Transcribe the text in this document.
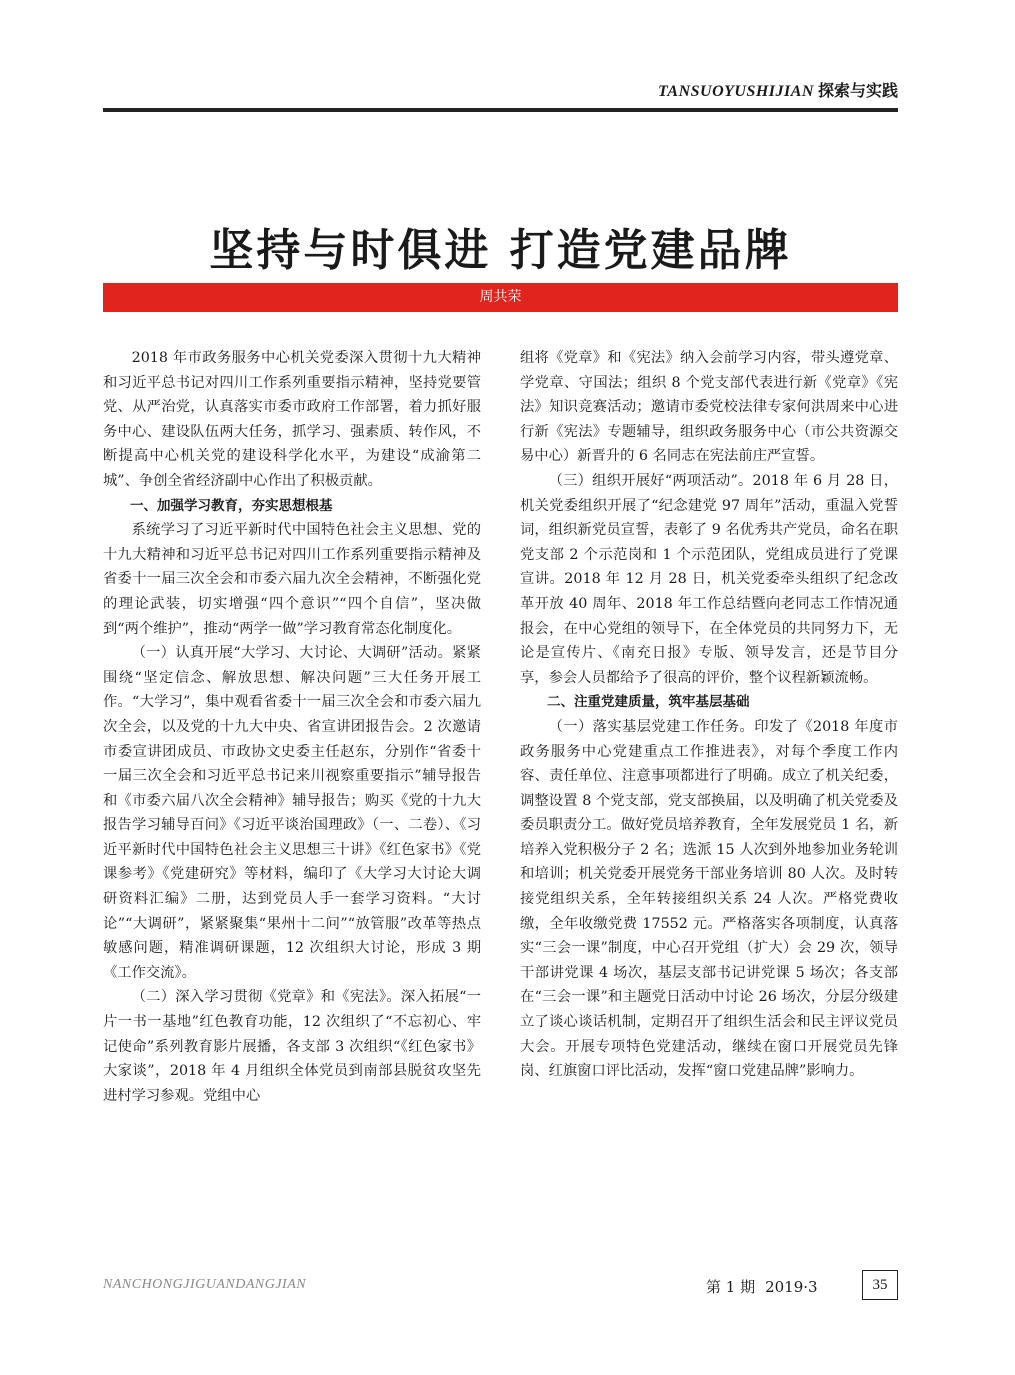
TANSUOYUSHIJIAN 探索与实践
坚持与时俱进 打造党建品牌
周共荣

2018 年市政务服务中心机关党委深入贯彻十九大精神和习近平总书记对四川工作系列重要指示精神，坚持党要管党、从严治党，认真落实市委市政府工作部署，着力抓好服务中心、建设队伍两大任务，抓学习、强素质、转作风，不断提高中心机关党的建设科学化水平，为建设“成渝第二城”、争创全省经济副中心作出了积极贡献。

一、加强学习教育，夯实思想根基

系统学习了习近平新时代中国特色社会主义思想、党的十九大精神和习近平总书记对四川工作系列重要指示精神及省委十一届三次全会和市委六届九次全会精神，不断强化党的理论武装，切实增强“四个意识”“四个自信”，坚决做到“两个维护”，推动“两学一做”学习教育常态化制度化。

（一）认真开展“大学习、大讨论、大调研”活动。紧紧围绕“坚定信念、解放思想、解决问题”三大任务开展工作。“大学习”，集中观看省委十一届三次全会和市委六届九次全会，以及党的十九大中央、省宣讲团报告会。2 次邀请市委宣讲团成员、市政协文史委主任赵东，分别作“省委十一届三次全会和习近平总书记来川视察重要指示”辅导报告和《市委六届八次全会精神》辅导报告；购买《党的十九大报告学习辅导百问》《习近平谈治国理政》（一、二卷）、《习近平新时代中国特色社会主义思想三十讲》《红色家书》《党课参考》《党建研究》等材料，编印了《大学习大讨论大调研资料汇编》二册，达到党员人手一套学习资料。“大讨论”“大调研”，紧紧聚集“果州十二问”“放管服”改革等热点敏感问题，精准调研课题，12 次组织大讨论，形成 3 期《工作交流》。

（二）深入学习贯彻《党章》和《宪法》。深入拓展“一片一书一基地”红色教育功能，12 次组织了“不忘初心、牢记使命”系列教育影片展播，各支部 3 次组织“《红色家书》大家谈”，2018 年 4 月组织全体党员到南部县脱贫攻坚先进村学习参观。党组中心

组将《党章》和《宪法》纳入会前学习内容，带头遵党章、学党章、守国法；组织 8 个党支部代表进行新《党章》《宪法》知识竞赛活动；邀请市委党校法律专家何洪周来中心进行新《宪法》专题辅导，组织政务服务中心（市公共资源交易中心）新晋升的 6 名同志在宪法前庄严宣誓。

（三）组织开展好“两项活动”。2018 年 6 月 28 日，机关党委组织开展了“纪念建党 97 周年”活动，重温入党誓词，组织新党员宣誓，表彰了 9 名优秀共产党员，命名在职党支部 2 个示范岗和 1 个示范团队，党组成员进行了党课宣讲。2018 年 12 月 28 日，机关党委牵头组织了纪念改革开放 40 周年、2018 年工作总结暨向老同志工作情况通报会，在中心党组的领导下，在全体党员的共同努力下，无论是宣传片、《南充日报》专版、领导发言，还是节目分享，参会人员都给予了很高的评价，整个议程新颖流畅。

二、注重党建质量，筑牢基层基础

（一）落实基层党建工作任务。印发了《2018 年度市政务服务中心党建重点工作推进表》，对每个季度工作内容、责任单位、注意事项都进行了明确。成立了机关纪委，调整设置 8 个党支部，党支部换届，以及明确了机关党委及委员职责分工。做好党员培养教育，全年发展党员 1 名，新培养入党积极分子 2 名；选派 15 人次到外地参加业务轮训和培训；机关党委开展党务干部业务培训 80 人次。及时转接党组织关系，全年转接组织关系 24 人次。严格党费收缴，全年收缴党费 17552 元。严格落实各项制度，认真落实“三会一课”制度，中心召开党组（扩大）会 29 次，领导干部讲党课 4 场次，基层支部书记讲党课 5 场次；各支部在“三会一课”和主题党日活动中讨论 26 场次，分层分级建立了谈心谈话机制，定期召开了组织生活会和民主评议党员大会。开展专项特色党建活动，继续在窗口开展党员先锋岗、红旗窗口评比活动，发挥“窗口党建品牌”影响力。

NANCHONGJIGUANDANGJIAN	第 1 期 2019·3	35
